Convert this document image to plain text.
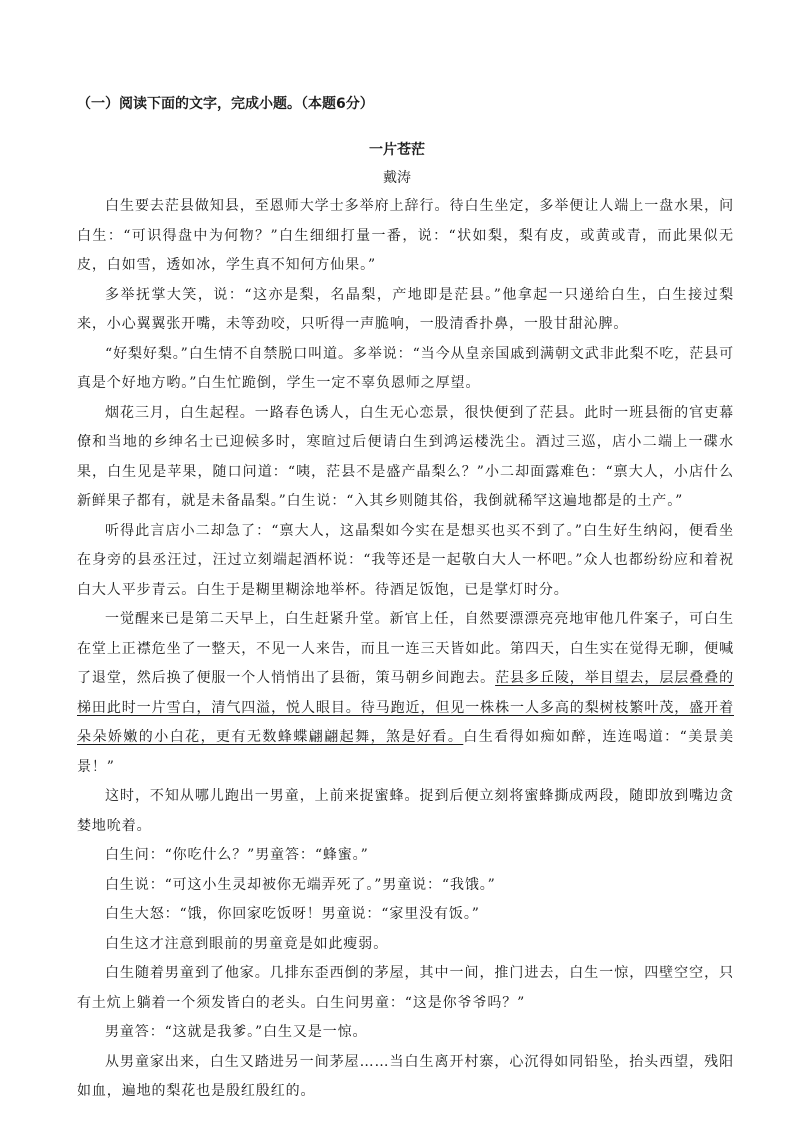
（一）阅读下面的文字，完成小题。（本题6分）
一片苍茫
戴涛

白生要去茫县做知县，至恩师大学士多举府上辞行。待白生坐定，多举便让人端上一盘水果，问白生：“可识得盘中为何物？”白生细细打量一番，说：“状如梨，梨有皮，或黄或青，而此果似无皮，白如雪，透如冰，学生真不知何方仙果。”

多举抚掌大笑，说：“这亦是梨，名晶梨，产地即是茫县。”他拿起一只递给白生，白生接过梨来，小心翼翼张开嘴，未等劲咬，只听得一声脆响，一股清香扑鼻，一股甘甜沁脾。

“好梨好梨。”白生情不自禁脱口叫道。多举说：“当今从皇亲国戚到满朝文武非此梨不吃，茫县可真是个好地方哟。”白生忙跪倒，学生一定不辜负恩师之厚望。

烟花三月，白生起程。一路春色诱人，白生无心恋景，很快便到了茫县。此时一班县衙的官吏幕僚和当地的乡绅名士已迎候多时，寒暄过后便请白生到鸿运楼洗尘。酒过三巡，店小二端上一碟水果，白生见是苹果，随口问道：“咦，茫县不是盛产晶梨么？”小二却面露难色：“禀大人，小店什么新鲜果子都有，就是未备晶梨。”白生说：“入其乡则随其俗，我倒就稀罕这遍地都是的土产。”

听得此言店小二却急了：“禀大人，这晶梨如今实在是想买也买不到了。”白生好生纳闷，便看坐在身旁的县丞汪过，汪过立刻端起酒杯说：“我等还是一起敬白大人一杯吧。”众人也都纷纷应和着祝白大人平步青云。白生于是糊里糊涂地举杯。待酒足饭饱，已是掌灯时分。

一觉醒来已是第二天早上，白生赶紧升堂。新官上任，自然要漂漂亮亮地审他几件案子，可白生在堂上正襟危坐了一整天，不见一人来告，而且一连三天皆如此。第四天，白生实在觉得无聊，便喊了退堂，然后换了便服一个人悄悄出了县衙，策马朝乡间跑去。茫县多丘陵，举目望去，层层叠叠的梯田此时一片雪白，清气四溢，悦人眼目。待马跑近，但见一株株一人多高的梨树枝繁叶茂，盛开着朵朵娇嫩的小白花，更有无数蜂蝶翩翩起舞，煞是好看。白生看得如痴如醉，连连喝道：“美景美景！”

这时，不知从哪儿跑出一男童，上前来捉蜜蜂。捉到后便立刻将蜜蜂撕成两段，随即放到嘴边贪婪地吮着。

白生问：“你吃什么？”男童答：“蜂蜜。”

白生说：“可这小生灵却被你无端弄死了。”男童说：“我饿。”

白生大怒：“饿，你回家吃饭呀！男童说：“家里没有饭。”

白生这才注意到眼前的男童竟是如此瘦弱。

白生随着男童到了他家。几排东歪西倒的茅屋，其中一间，推门进去，白生一惊，四壁空空，只有土炕上躺着一个须发皆白的老头。白生问男童：“这是你爷爷吗？”

男童答：“这就是我爹。”白生又是一惊。

从男童家出来，白生又踏进另一间茅屋……当白生离开村寨，心沉得如同铅坠，抬头西望，残阳如血，遍地的梨花也是殷红殷红的。
